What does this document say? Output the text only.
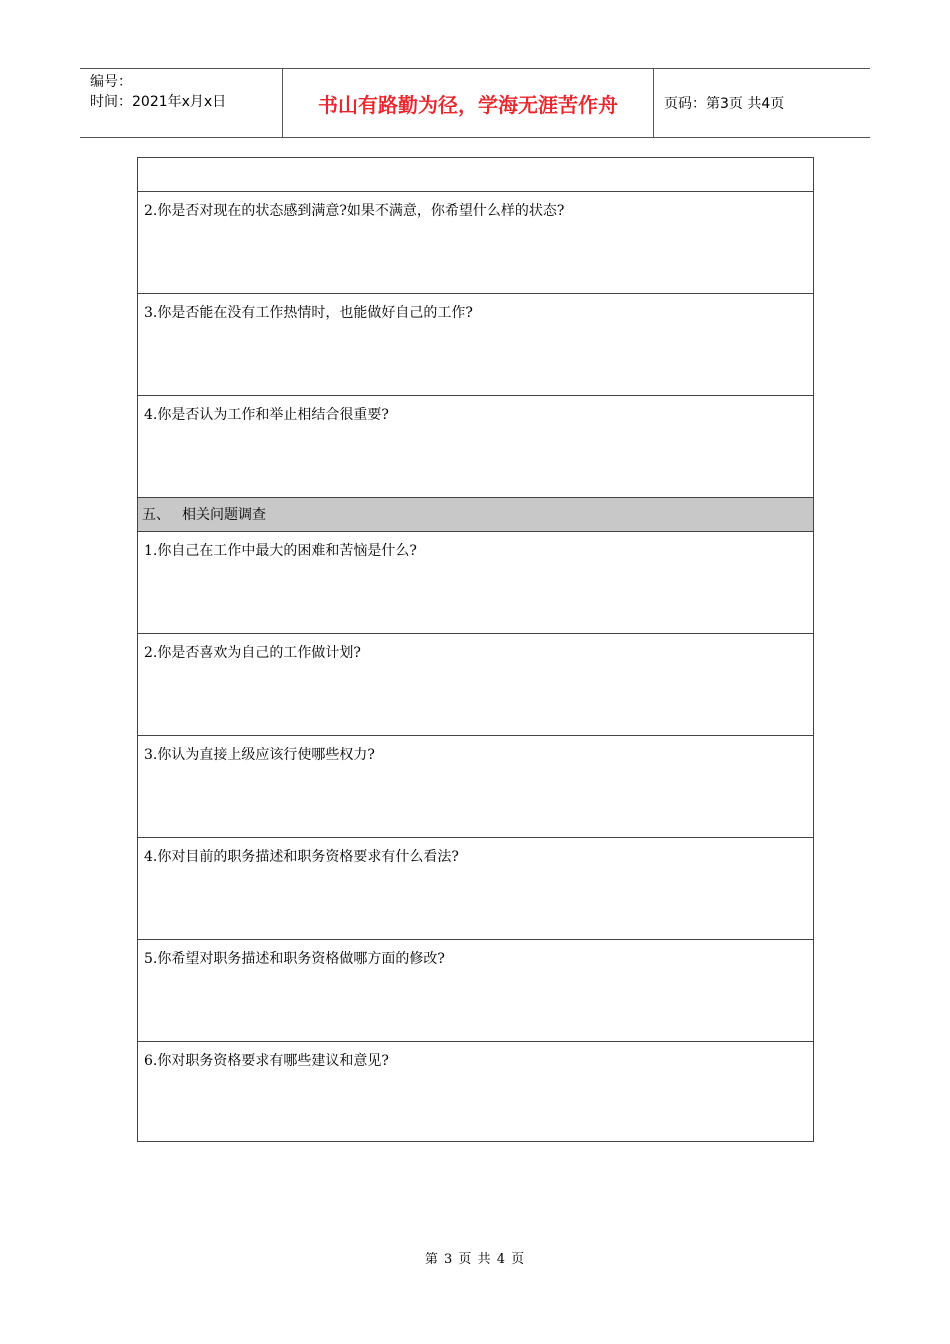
编号：
时间：2021年x月x日	书山有路勤为径，学海无涯苦作舟	页码：第3页 共4页
2.你是否对现在的状态感到满意?如果不满意，你希望什么样的状态?
3.你是否能在没有工作热情时，也能做好自己的工作?
4.你是否认为工作和举止相结合很重要?
五、 相关问题调查
1.你自己在工作中最大的困难和苦恼是什么?
2.你是否喜欢为自己的工作做计划?
3.你认为直接上级应该行使哪些权力?
4.你对目前的职务描述和职务资格要求有什么看法?
5.你希望对职务描述和职务资格做哪方面的修改?
6.你对职务资格要求有哪些建议和意见?
第 3 页 共 4 页
